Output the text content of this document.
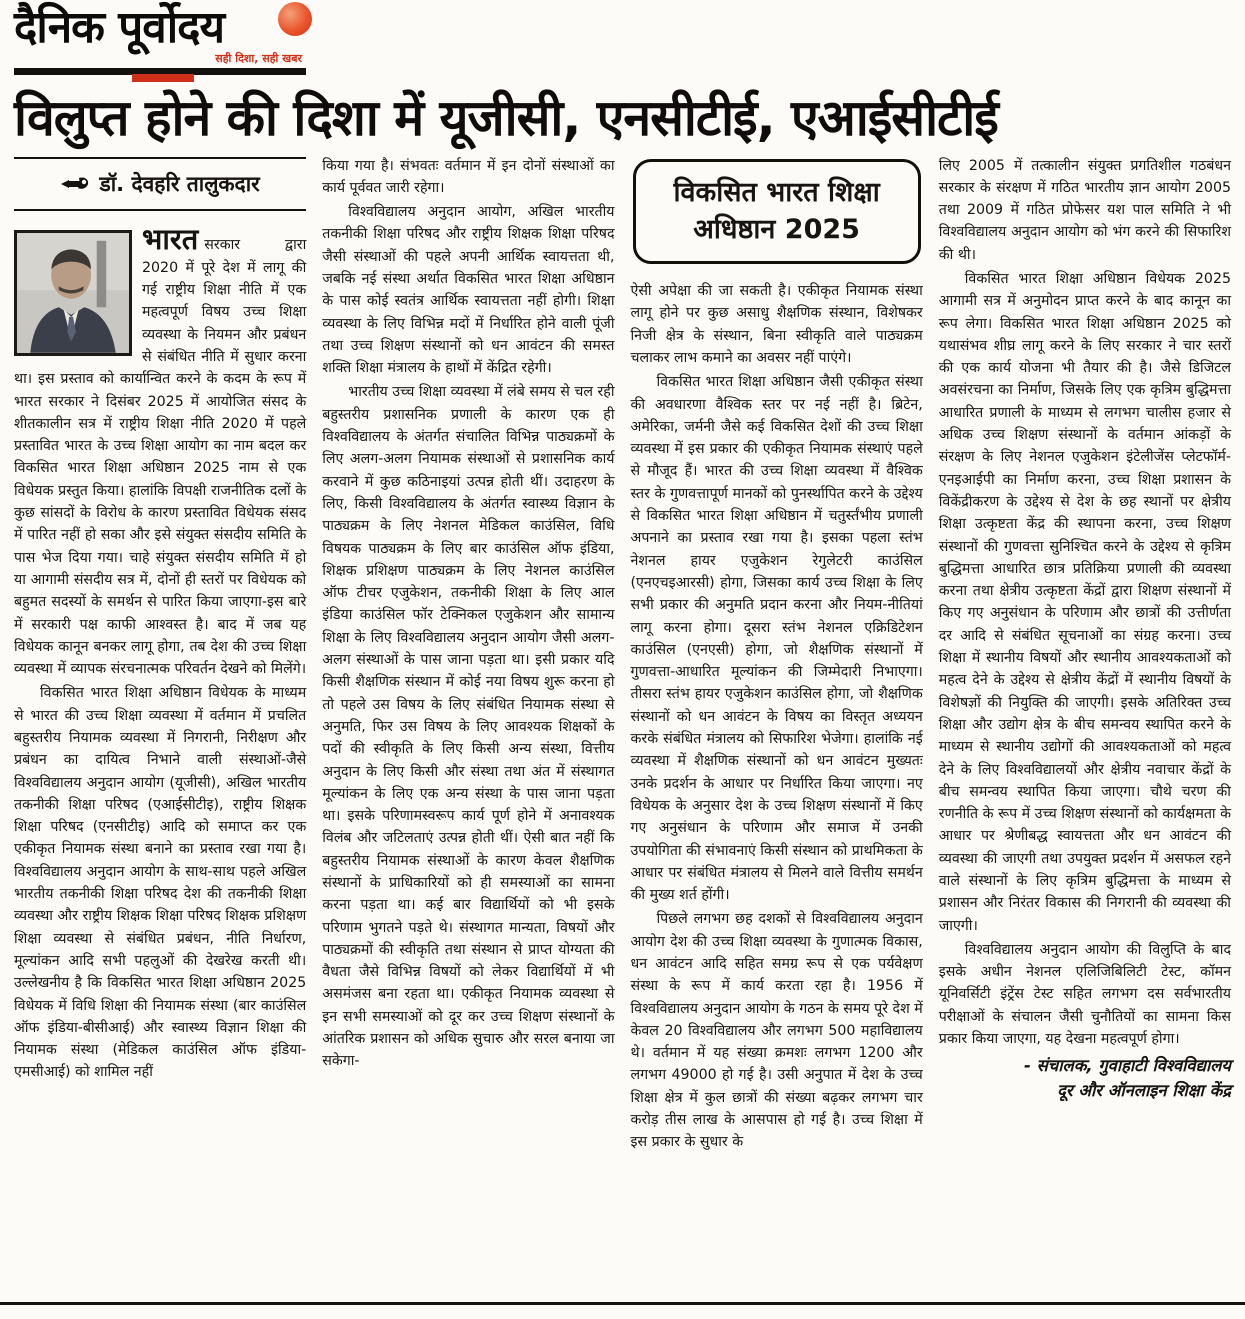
दैनिक पूर्वोदय
सही दिशा, सही खबर
विलुप्त होने की दिशा में यूजीसी, एनसीटीई, एआईसीटीई
डॉ. देवहरि तालुकदार

भारत सरकार द्वारा 2020 में पूरे देश में लागू की गई राष्ट्रीय शिक्षा नीति में एक महत्वपूर्ण विषय उच्च शिक्षा व्यवस्था के नियमन और प्रबंधन से संबंधित नीति में सुधार करना था। इस प्रस्ताव को कार्यान्वित करने के कदम के रूप में भारत सरकार ने दिसंबर 2025 में आयोजित संसद के शीतकालीन सत्र में राष्ट्रीय शिक्षा नीति 2020 में पहले प्रस्तावित भारत के उच्च शिक्षा आयोग का नाम बदल कर विकसित भारत शिक्षा अधिष्ठान 2025 नाम से एक विधेयक प्रस्तुत किया। हालांकि विपक्षी राजनीतिक दलों के कुछ सांसदों के विरोध के कारण प्रस्तावित विधेयक संसद में पारित नहीं हो सका और इसे संयुक्त संसदीय समिति के पास भेज दिया गया। चाहे संयुक्त संसदीय समिति में हो या आगामी संसदीय सत्र में, दोनों ही स्तरों पर विधेयक को बहुमत सदस्यों के समर्थन से पारित किया जाएगा-इस बारे में सरकारी पक्ष काफी आश्वस्त है। बाद में जब यह विधेयक कानून बनकर लागू होगा, तब देश की उच्च शिक्षा व्यवस्था में व्यापक संरचनात्मक परिवर्तन देखने को मिलेंगे।

विकसित भारत शिक्षा अधिष्ठान विधेयक के माध्यम से भारत की उच्च शिक्षा व्यवस्था में वर्तमान में प्रचलित बहुस्तरीय नियामक व्यवस्था में निगरानी, निरीक्षण और प्रबंधन का दायित्व निभाने वाली संस्थाओं-जैसे विश्वविद्यालय अनुदान आयोग (यूजीसी), अखिल भारतीय तकनीकी शिक्षा परिषद (एआईसीटीइ), राष्ट्रीय शिक्षक शिक्षा परिषद (एनसीटीइ) आदि को समाप्त कर एक एकीकृत नियामक संस्था बनाने का प्रस्ताव रखा गया है। विश्वविद्यालय अनुदान आयोग के साथ-साथ पहले अखिल भारतीय तकनीकी शिक्षा परिषद देश की तकनीकी शिक्षा व्यवस्था और राष्ट्रीय शिक्षक शिक्षा परिषद शिक्षक प्रशिक्षण शिक्षा व्यवस्था से संबंधित प्रबंधन, नीति निर्धारण, मूल्यांकन आदि सभी पहलुओं की देखरेख करती थी। उल्लेखनीय है कि विकसित भारत शिक्षा अधिष्ठान 2025 विधेयक में विधि शिक्षा की नियामक संस्था (बार काउंसिल ऑफ इंडिया-बीसीआई) और स्वास्थ्य विज्ञान शिक्षा की नियामक संस्था (मेडिकल काउंसिल ऑफ इंडिया-एमसीआई) को शामिल नहीं

किया गया है। संभवतः वर्तमान में इन दोनों संस्थाओं का कार्य पूर्ववत जारी रहेगा।

विश्वविद्यालय अनुदान आयोग, अखिल भारतीय तकनीकी शिक्षा परिषद और राष्ट्रीय शिक्षक शिक्षा परिषद जैसी संस्थाओं की पहले अपनी आर्थिक स्वायत्तता थी, जबकि नई संस्था अर्थात विकसित भारत शिक्षा अधिष्ठान के पास कोई स्वतंत्र आर्थिक स्वायत्तता नहीं होगी। शिक्षा व्यवस्था के लिए विभिन्न मदों में निर्धारित होने वाली पूंजी तथा उच्च शिक्षण संस्थानों को धन आवंटन की समस्त शक्ति शिक्षा मंत्रालय के हाथों में केंद्रित रहेगी।

भारतीय उच्च शिक्षा व्यवस्था में लंबे समय से चल रही बहुस्तरीय प्रशासनिक प्रणाली के कारण एक ही विश्वविद्यालय के अंतर्गत संचालित विभिन्न पाठ्यक्रमों के लिए अलग-अलग नियामक संस्थाओं से प्रशासनिक कार्य करवाने में कुछ कठिनाइयां उत्पन्न होती थीं। उदाहरण के लिए, किसी विश्वविद्यालय के अंतर्गत स्वास्थ्य विज्ञान के पाठ्यक्रम के लिए नेशनल मेडिकल काउंसिल, विधि विषयक पाठ्यक्रम के लिए बार काउंसिल ऑफ इंडिया, शिक्षक प्रशिक्षण पाठ्यक्रम के लिए नेशनल काउंसिल ऑफ टीचर एजुकेशन, तकनीकी शिक्षा के लिए आल इंडिया काउंसिल फॉर टेक्निकल एजुकेशन और सामान्य शिक्षा के लिए विश्वविद्यालय अनुदान आयोग जैसी अलग-अलग संस्थाओं के पास जाना पड़ता था। इसी प्रकार यदि किसी शैक्षणिक संस्थान में कोई नया विषय शुरू करना हो तो पहले उस विषय के लिए संबंधित नियामक संस्था से अनुमति, फिर उस विषय के लिए आवश्यक शिक्षकों के पदों की स्वीकृति के लिए किसी अन्य संस्था, वित्तीय अनुदान के लिए किसी और संस्था तथा अंत में संस्थागत मूल्यांकन के लिए एक अन्य संस्था के पास जाना पड़ता था। इसके परिणामस्वरूप कार्य पूर्ण होने में अनावश्यक विलंब और जटिलताएं उत्पन्न होती थीं। ऐसी बात नहीं कि बहुस्तरीय नियामक संस्थाओं के कारण केवल शैक्षणिक संस्थानों के प्राधिकारियों को ही समस्याओं का सामना करना पड़ता था। कई बार विद्यार्थियों को भी इसके परिणाम भुगतने पड़ते थे। संस्थागत मान्यता, विषयों और पाठ्यक्रमों की स्वीकृति तथा संस्थान से प्राप्त योग्यता की वैधता जैसे विभिन्न विषयों को लेकर विद्यार्थियों में भी असमंजस बना रहता था। एकीकृत नियामक व्यवस्था से इन सभी समस्याओं को दूर कर उच्च शिक्षण संस्थानों के आंतरिक प्रशासन को अधिक सुचारु और सरल बनाया जा सकेगा-

विकसित भारत शिक्षा अधिष्ठान 2025

ऐसी अपेक्षा की जा सकती है। एकीकृत नियामक संस्था लागू होने पर कुछ असाधु शैक्षणिक संस्थान, विशेषकर निजी क्षेत्र के संस्थान, बिना स्वीकृति वाले पाठ्यक्रम चलाकर लाभ कमाने का अवसर नहीं पाएंगे।

विकसित भारत शिक्षा अधिष्ठान जैसी एकीकृत संस्था की अवधारणा वैश्विक स्तर पर नई नहीं है। ब्रिटेन, अमेरिका, जर्मनी जैसे कई विकसित देशों की उच्च शिक्षा व्यवस्था में इस प्रकार की एकीकृत नियामक संस्थाएं पहले से मौजूद हैं। भारत की उच्च शिक्षा व्यवस्था में वैश्विक स्तर के गुणवत्तापूर्ण मानकों को पुनर्स्थापित करने के उद्देश्य से विकसित भारत शिक्षा अधिष्ठान में चतुर्स्तंभीय प्रणाली अपनाने का प्रस्ताव रखा गया है। इसका पहला स्तंभ नेशनल हायर एजुकेशन रेगुलेटरी काउंसिल (एनएचइआरसी) होगा, जिसका कार्य उच्च शिक्षा के लिए सभी प्रकार की अनुमति प्रदान करना और नियम-नीतियां लागू करना होगा। दूसरा स्तंभ नेशनल एक्रिडिटेशन काउंसिल (एनएसी) होगा, जो शैक्षणिक संस्थानों में गुणवत्ता-आधारित मूल्यांकन की जिम्मेदारी निभाएगा। तीसरा स्तंभ हायर एजुकेशन काउंसिल होगा, जो शैक्षणिक संस्थानों को धन आवंटन के विषय का विस्तृत अध्ययन करके संबंधित मंत्रालय को सिफारिश भेजेगा। हालांकि नई व्यवस्था में शैक्षणिक संस्थानों को धन आवंटन मुख्यतः उनके प्रदर्शन के आधार पर निर्धारित किया जाएगा। नए विधेयक के अनुसार देश के उच्च शिक्षण संस्थानों में किए गए अनुसंधान के परिणाम और समाज में उनकी उपयोगिता की संभावनाएं किसी संस्थान को प्राथमिकता के आधार पर संबंधित मंत्रालय से मिलने वाले वित्तीय समर्थन की मुख्य शर्त होंगी।

पिछले लगभग छह दशकों से विश्वविद्यालय अनुदान आयोग देश की उच्च शिक्षा व्यवस्था के गुणात्मक विकास, धन आवंटन आदि सहित समग्र रूप से एक पर्यवेक्षण संस्था के रूप में कार्य करता रहा है। 1956 में विश्वविद्यालय अनुदान आयोग के गठन के समय पूरे देश में केवल 20 विश्वविद्यालय और लगभग 500 महाविद्यालय थे। वर्तमान में यह संख्या क्रमशः लगभग 1200 और लगभग 49000 हो गई है। उसी अनुपात में देश के उच्च शिक्षा क्षेत्र में कुल छात्रों की संख्या बढ़कर लगभग चार करोड़ तीस लाख के आसपास हो गई है। उच्च शिक्षा में इस प्रकार के सुधार के

लिए 2005 में तत्कालीन संयुक्त प्रगतिशील गठबंधन सरकार के संरक्षण में गठित भारतीय ज्ञान आयोग 2005 तथा 2009 में गठित प्रोफेसर यश पाल समिति ने भी विश्वविद्यालय अनुदान आयोग को भंग करने की सिफारिश की थी।

विकसित भारत शिक्षा अधिष्ठान विधेयक 2025 आगामी सत्र में अनुमोदन प्राप्त करने के बाद कानून का रूप लेगा। विकसित भारत शिक्षा अधिष्ठान 2025 को यथासंभव शीघ्र लागू करने के लिए सरकार ने चार स्तरों की एक कार्य योजना भी तैयार की है। जैसे डिजिटल अवसंरचना का निर्माण, जिसके लिए एक कृत्रिम बुद्धिमत्ता आधारित प्रणाली के माध्यम से लगभग चालीस हजार से अधिक उच्च शिक्षण संस्थानों के वर्तमान आंकड़ों के संरक्षण के लिए नेशनल एजुकेशन इंटेलीजेंस प्लेटफॉर्म-एनइआईपी का निर्माण करना, उच्च शिक्षा प्रशासन के विकेंद्रीकरण के उद्देश्य से देश के छह स्थानों पर क्षेत्रीय शिक्षा उत्कृष्टता केंद्र की स्थापना करना, उच्च शिक्षण संस्थानों की गुणवत्ता सुनिश्चित करने के उद्देश्य से कृत्रिम बुद्धिमत्ता आधारित छात्र प्रतिक्रिया प्रणाली की व्यवस्था करना तथा क्षेत्रीय उत्कृष्टता केंद्रों द्वारा शिक्षण संस्थानों में किए गए अनुसंधान के परिणाम और छात्रों की उत्तीर्णता दर आदि से संबंधित सूचनाओं का संग्रह करना। उच्च शिक्षा में स्थानीय विषयों और स्थानीय आवश्यकताओं को महत्व देने के उद्देश्य से क्षेत्रीय केंद्रों में स्थानीय विषयों के विशेषज्ञों की नियुक्ति की जाएगी। इसके अतिरिक्त उच्च शिक्षा और उद्योग क्षेत्र के बीच समन्वय स्थापित करने के माध्यम से स्थानीय उद्योगों की आवश्यकताओं को महत्व देने के लिए विश्वविद्यालयों और क्षेत्रीय नवाचार केंद्रों के बीच समन्वय स्थापित किया जाएगा। चौथे चरण की रणनीति के रूप में उच्च शिक्षण संस्थानों को कार्यक्षमता के आधार पर श्रेणीबद्ध स्वायत्तता और धन आवंटन की व्यवस्था की जाएगी तथा उपयुक्त प्रदर्शन में असफल रहने वाले संस्थानों के लिए कृत्रिम बुद्धिमत्ता के माध्यम से प्रशासन और निरंतर विकास की निगरानी की व्यवस्था की जाएगी।

विश्वविद्यालय अनुदान आयोग की विलुप्ति के बाद इसके अधीन नेशनल एलिजिबिलिटी टेस्ट, कॉमन यूनिवर्सिटी इंट्रेंस टेस्ट सहित लगभग दस सर्वभारतीय परीक्षाओं के संचालन जैसी चुनौतियों का सामना किस प्रकार किया जाएगा, यह देखना महत्वपूर्ण होगा।

- संचालक, गुवाहाटी विश्वविद्यालय
दूर और ऑनलाइन शिक्षा केंद्र
